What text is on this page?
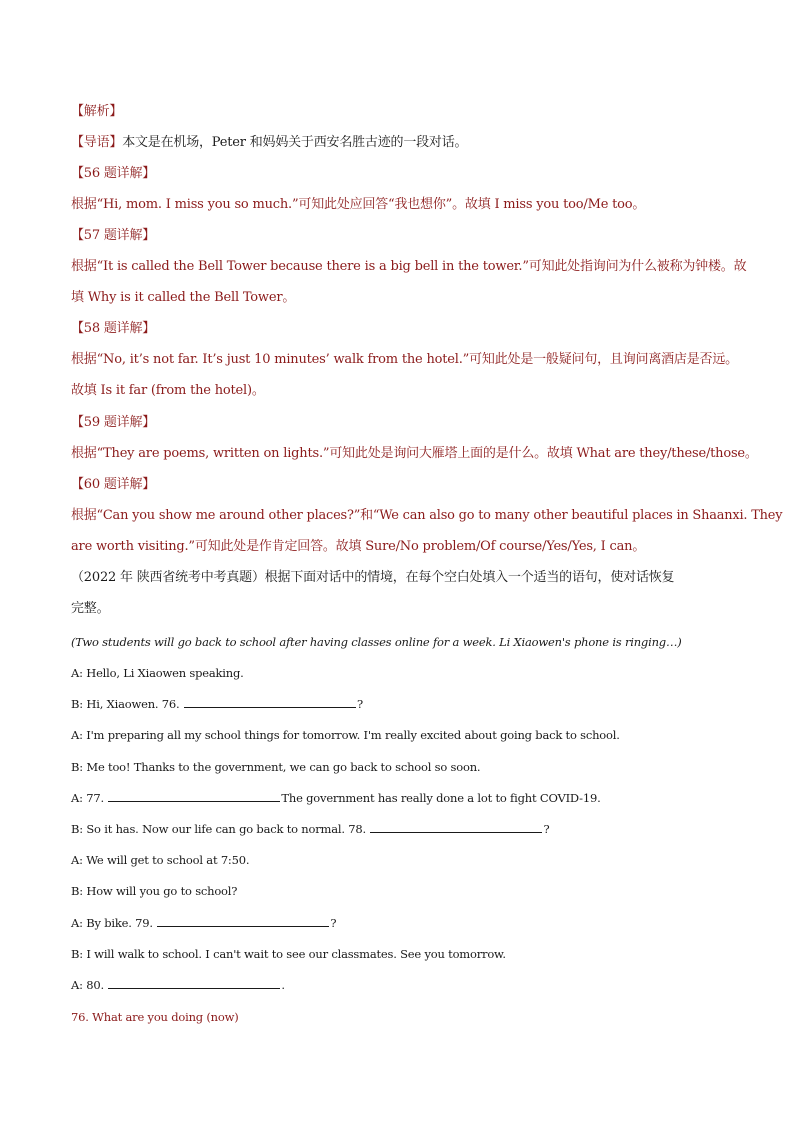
【解析】
【导语】本文是在机场，Peter 和妈妈关于西安名胜古迹的一段对话。
【56 题详解】
根据“Hi, mom. I miss you so much.”可知此处应回答“我也想你”。故填 I miss you too/Me too。
【57 题详解】
根据“It is called the Bell Tower because there is a big bell in the tower.”可知此处指询问为什么被称为钟楼。故
填 Why is it called the Bell Tower。
【58 题详解】
根据“No, it’s not far. It’s just 10 minutes’ walk from the hotel.”可知此处是一般疑问句，且询问离酒店是否远。
故填 Is it far (from the hotel)。
【59 题详解】
根据“They are poems, written on lights.”可知此处是询问大雁塔上面的是什么。故填 What are they/these/those。
【60 题详解】
根据“Can you show me around other places?”和“We can also go to many other beautiful places in Shaanxi. They
are worth visiting.”可知此处是作肯定回答。故填 Sure/No problem/Of course/Yes/Yes, I can。
（2022 年 陕西省统考中考真题）根据下面对话中的情境，在每个空白处填入一个适当的语句，使对话恢复
完整。
(Two students will go back to school after having classes online for a week. Li Xiaowen's phone is ringing…)
A: Hello, Li Xiaowen speaking.
B: Hi, Xiaowen. 76.	?
A: I'm preparing all my school things for tomorrow. I'm really excited about going back to school.
B: Me too! Thanks to the government, we can go back to school so soon.
A: 77.	The government has really done a lot to fight COVID-19.
B: So it has. Now our life can go back to normal. 78.	?
A: We will get to school at 7:50.
B: How will you go to school?
A: By bike. 79.	?
B: I will walk to school. I can't wait to see our classmates. See you tomorrow.
A: 80.	.
76. What are you doing (now)
